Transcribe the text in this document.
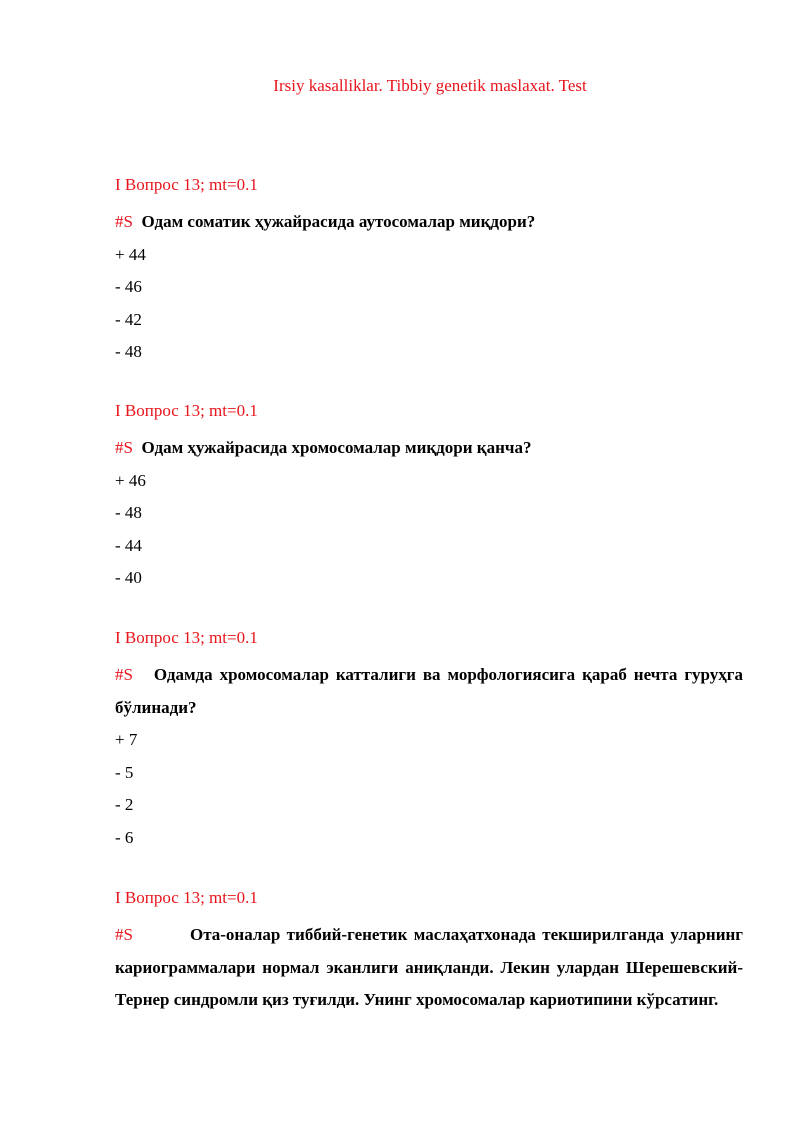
Irsiy kasalliklar. Tibbiy genetik maslaxat. Test
I Вопрос 13; mt=0.1
#S Одам соматик ҳужайрасида аутосомалар миқдори?
+ 44
- 46
- 42
- 48
I Вопрос 13; mt=0.1
#S Одам ҳужайрасида хромосомалар миқдори қанча?
+ 46
- 48
- 44
- 40
I Вопрос 13; mt=0.1
#S Одамда хромосомалар катталиги ва морфологиясига қараб нечта гуруҳга бўлинади?
+ 7
- 5
- 2
- 6
I Вопрос 13; mt=0.1
#S	Ота-оналар тиббий-генетик маслаҳатхонада текширилганда уларнинг кариограммалари нормал эканлиги аниқланди. Лекин улардан Шерешевский-Тернер синдромли қиз туғилди. Унинг хромосомалар кариотипини кўрсатинг.
